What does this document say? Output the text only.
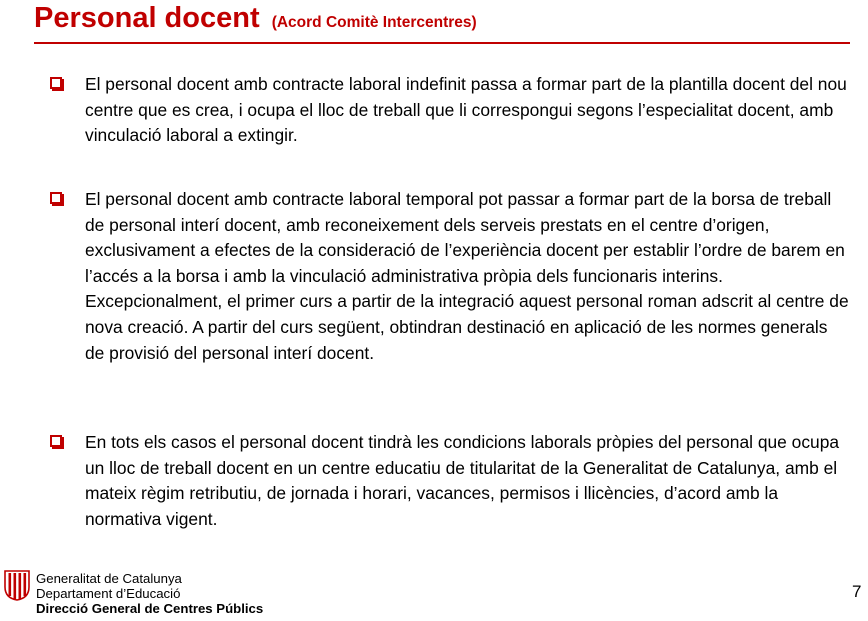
Personal docent (Acord Comitè Intercentres)
El personal docent amb contracte laboral indefinit passa a formar part de la plantilla docent del nou centre que es crea, i ocupa el lloc de treball que li correspongui segons l’especialitat docent, amb vinculació laboral a extingir.
El personal docent amb contracte laboral temporal pot passar a formar part de la borsa de treball de personal interí docent, amb reconeixement dels serveis prestats en el centre d’origen, exclusivament a efectes de la consideració de l’experiència docent per establir l’ordre de barem en l’accés a la borsa i amb la vinculació administrativa pròpia dels funcionaris interins. Excepcionalment, el primer curs a partir de la integració aquest personal roman adscrit al centre de nova creació. A partir del curs següent, obtindran destinació en aplicació de les normes generals de provisió del personal interí docent.
En tots els casos el personal docent tindrà les condicions laborals pròpies del personal que ocupa un lloc de treball docent en un centre educatiu de titularitat de la Generalitat de Catalunya, amb el mateix règim retributiu, de jornada i horari, vacances, permisos i llicències, d’acord amb la normativa vigent.
Generalitat de Catalunya
Departament d’Educació
Direcció General de Centres Públics
7
